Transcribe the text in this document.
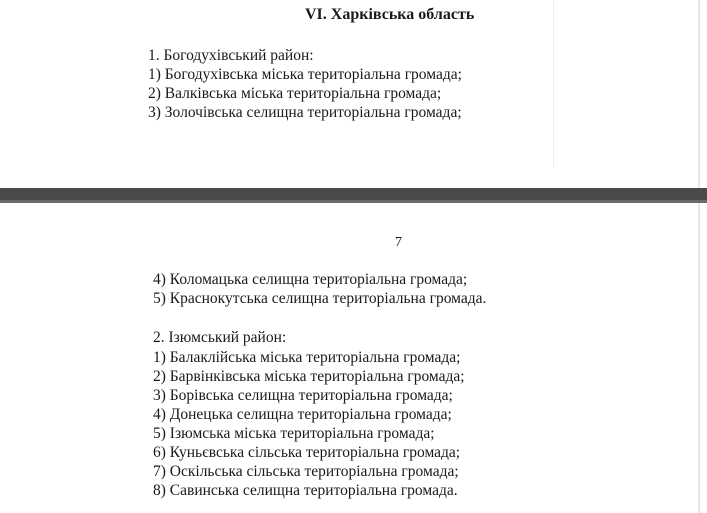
VI. Харківська область

1. Богодухівський район:

1) Богодухівська міська територіальна громада;

2) Валківська міська територіальна громада;

3) Золочівська селищна територіальна громада;

7

4) Коломацька селищна територіальна громада;

5) Краснокутська селищна територіальна громада.

2. Ізюмський район:

1) Балаклійська міська територіальна громада;

2) Барвінківська міська територіальна громада;

3) Борівська селищна територіальна громада;

4) Донецька селищна територіальна громада;

5) Ізюмська міська територіальна громада;

6) Куньєвська сільська територіальна громада;

7) Оскільська сільська територіальна громада;

8) Савинська селищна територіальна громада.
